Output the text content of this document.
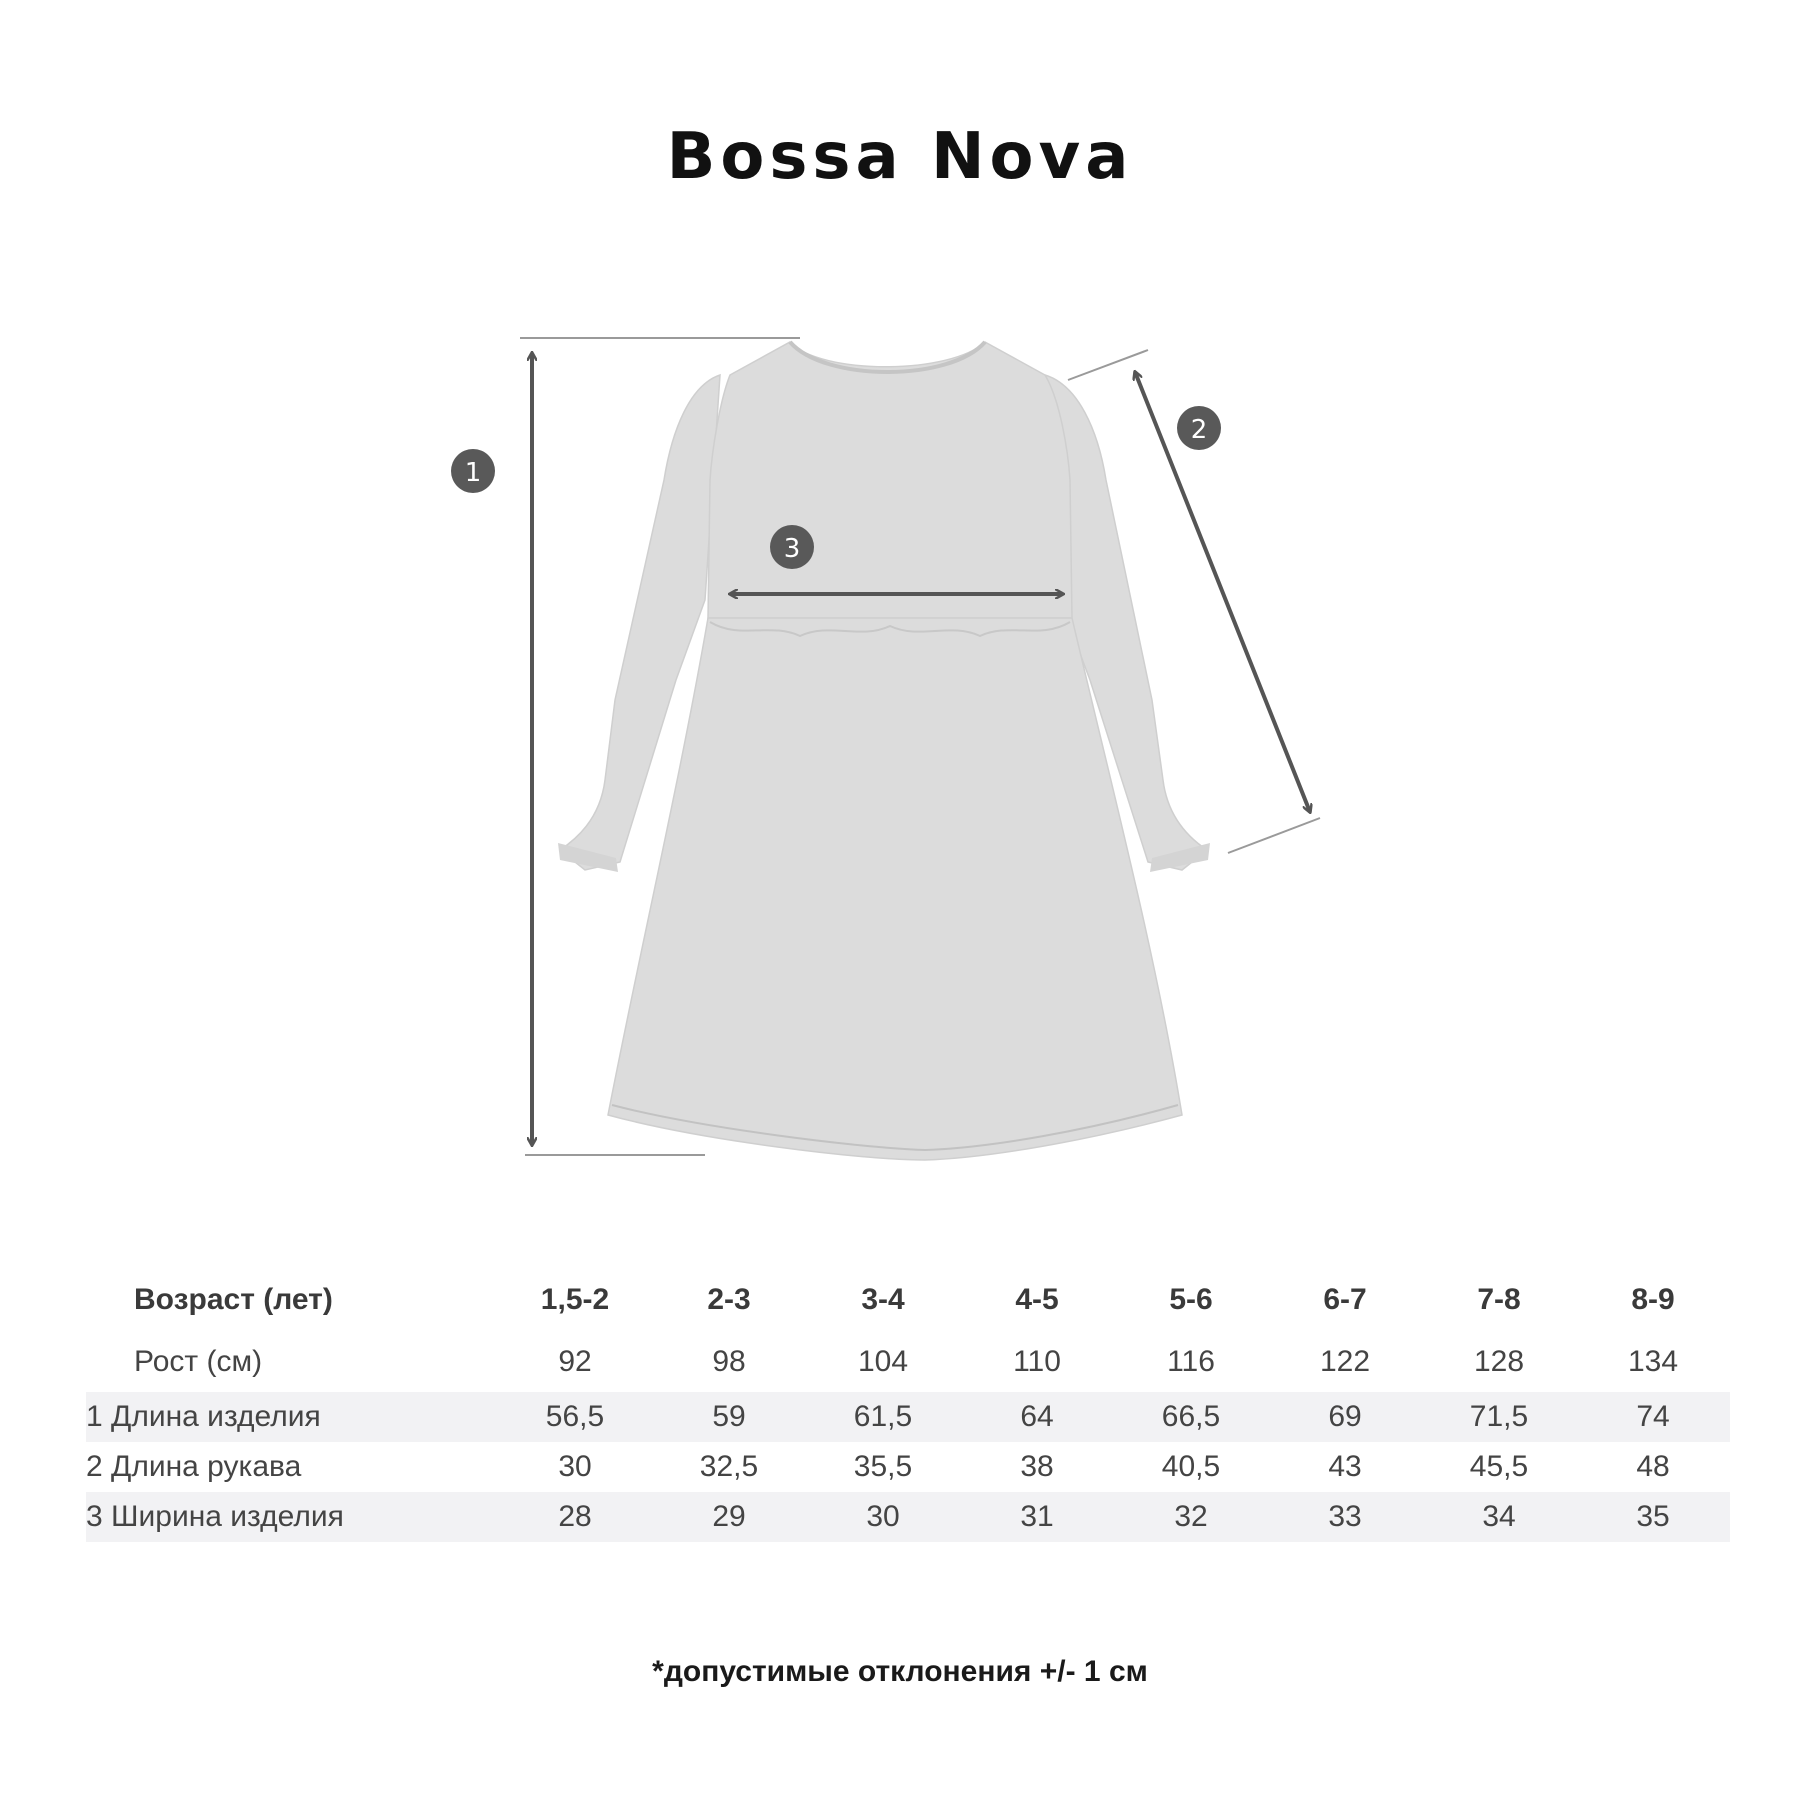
Bossa Nova
1
2
3
Возраст (лет)	1,5-2	2-3	3-4	4-5	5-6	6-7	7-8	8-9
Рост (см)	92	98	104	110	116	122	128	134
1 Длина изделия	56,5	59	61,5	64	66,5	69	71,5	74
2 Длина рукава	30	32,5	35,5	38	40,5	43	45,5	48
3 Ширина изделия	28	29	30	31	32	33	34	35
*допустимые отклонения +/- 1 см
